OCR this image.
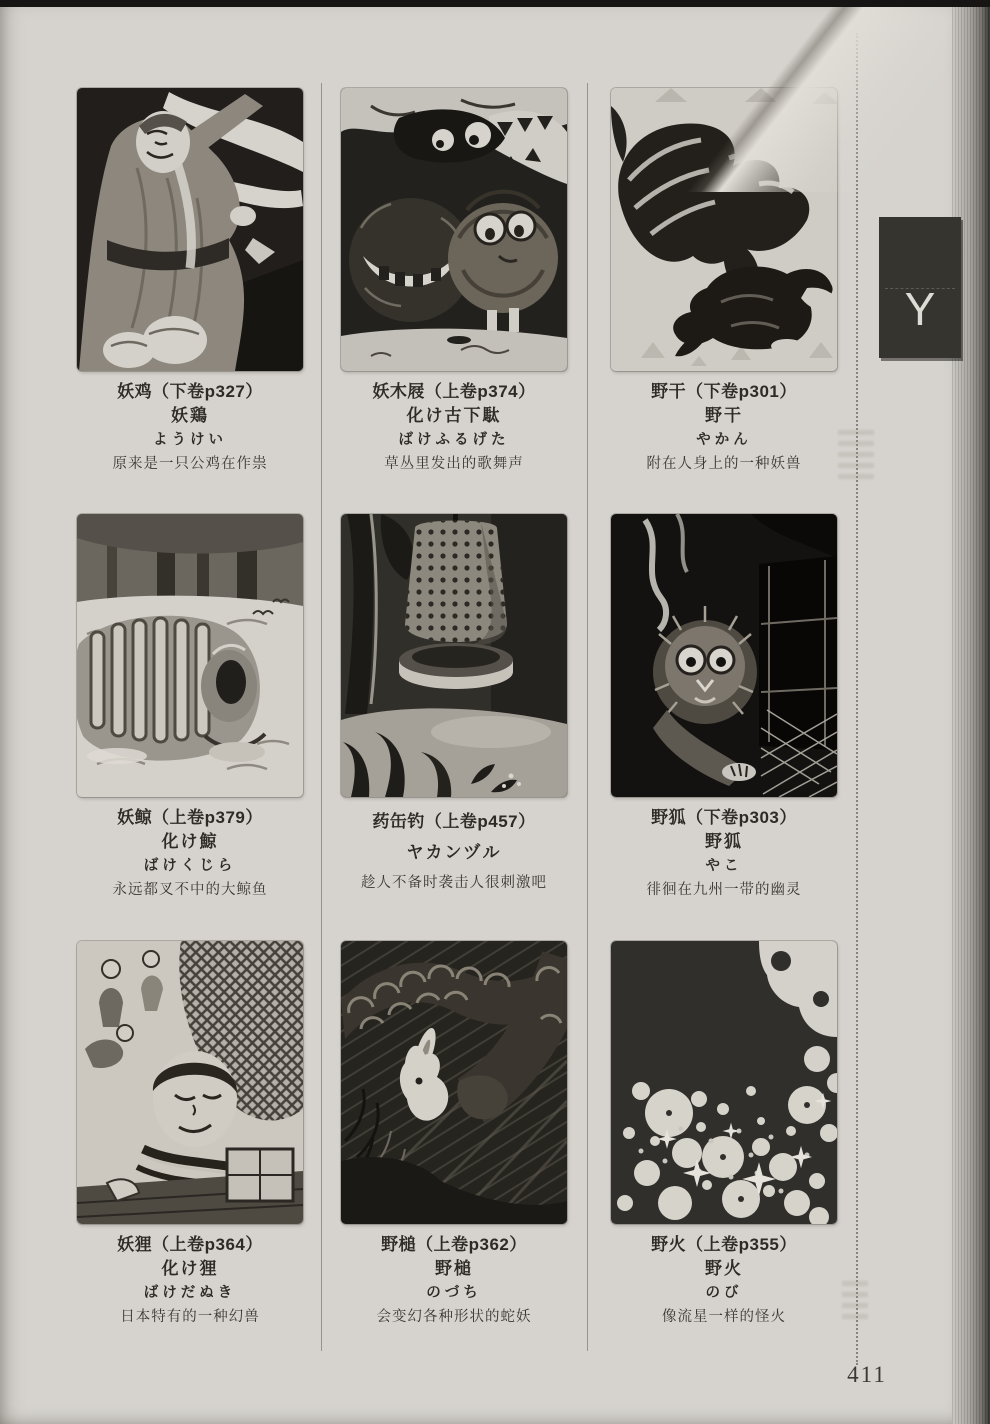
妖鸡（下卷p327）
妖鶏
ようけい
原来是一只公鸡在作祟
妖木屐（上卷p374）
化け古下駄
ばけふるげた
草丛里发出的歌舞声
野干（下卷p301）
野干
やかん
附在人身上的一种妖兽
妖鲸（上卷p379）
化け鯨
ばけくじら
永远都叉不中的大鲸鱼
药缶钓（上卷p457）
ヤカンヅル
趁人不备时袭击人很刺激吧
野狐（下卷p303）
野狐
やこ
徘徊在九州一带的幽灵
妖狸（上卷p364）
化け狸
ばけだぬき
日本特有的一种幻兽
野槌（上卷p362）
野槌
のづち
会变幻各种形状的蛇妖
野火（上卷p355）
野火
のび
像流星一样的怪火
411
Y
